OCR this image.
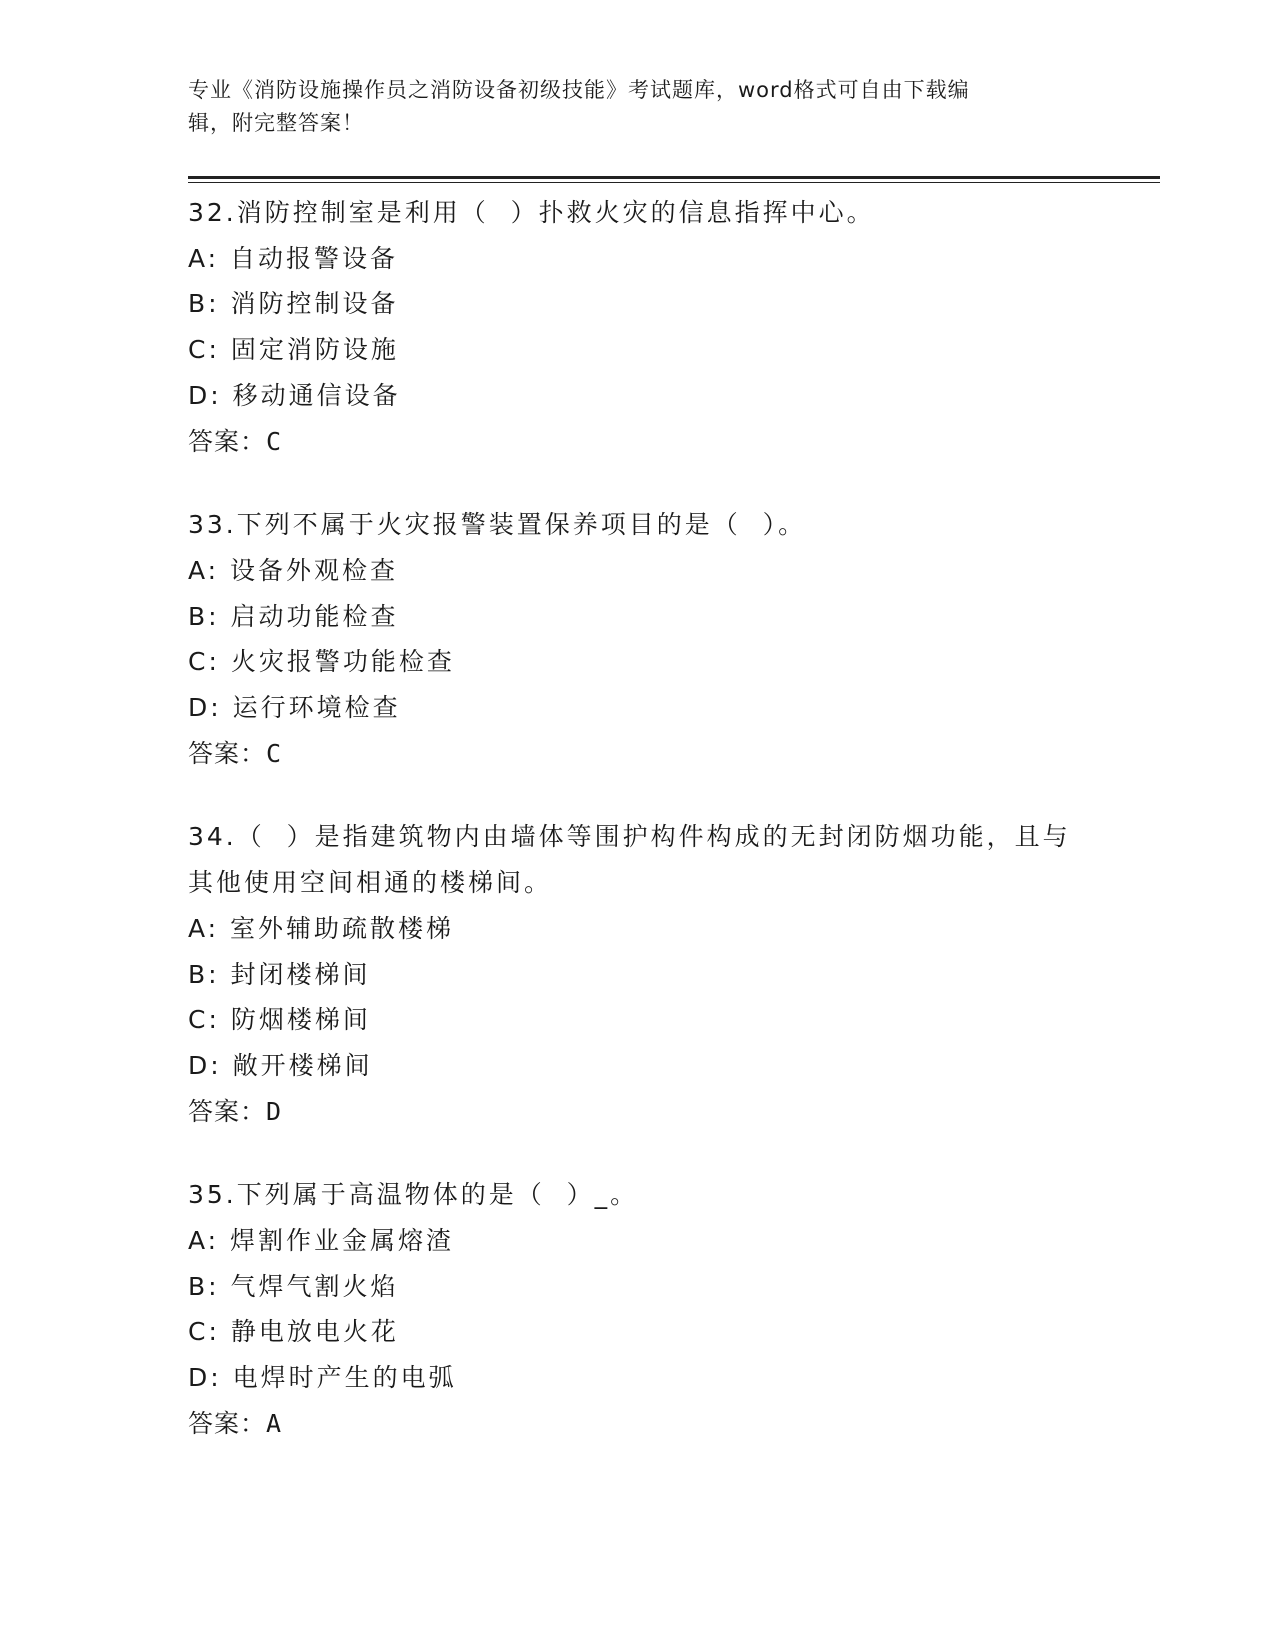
专业《消防设施操作员之消防设备初级技能》考试题库，word格式可自由下载编
辑，附完整答案！
32.消防控制室是利用（  ）扑救火灾的信息指挥中心。
A: 自动报警设备
B: 消防控制设备
C: 固定消防设施
D: 移动通信设备
答案：C
33.下列不属于火灾报警装置保养项目的是（  ）。
A: 设备外观检查
B: 启动功能检查
C: 火灾报警功能检查
D: 运行环境检查
答案：C
34.（  ）是指建筑物内由墙体等围护构件构成的无封闭防烟功能，且与其他使用空间相通的楼梯间。
A: 室外辅助疏散楼梯
B: 封闭楼梯间
C: 防烟楼梯间
D: 敞开楼梯间
答案：D
35.下列属于高温物体的是（  ）_。
A: 焊割作业金属熔渣
B: 气焊气割火焰
C: 静电放电火花
D: 电焊时产生的电弧
答案：A
